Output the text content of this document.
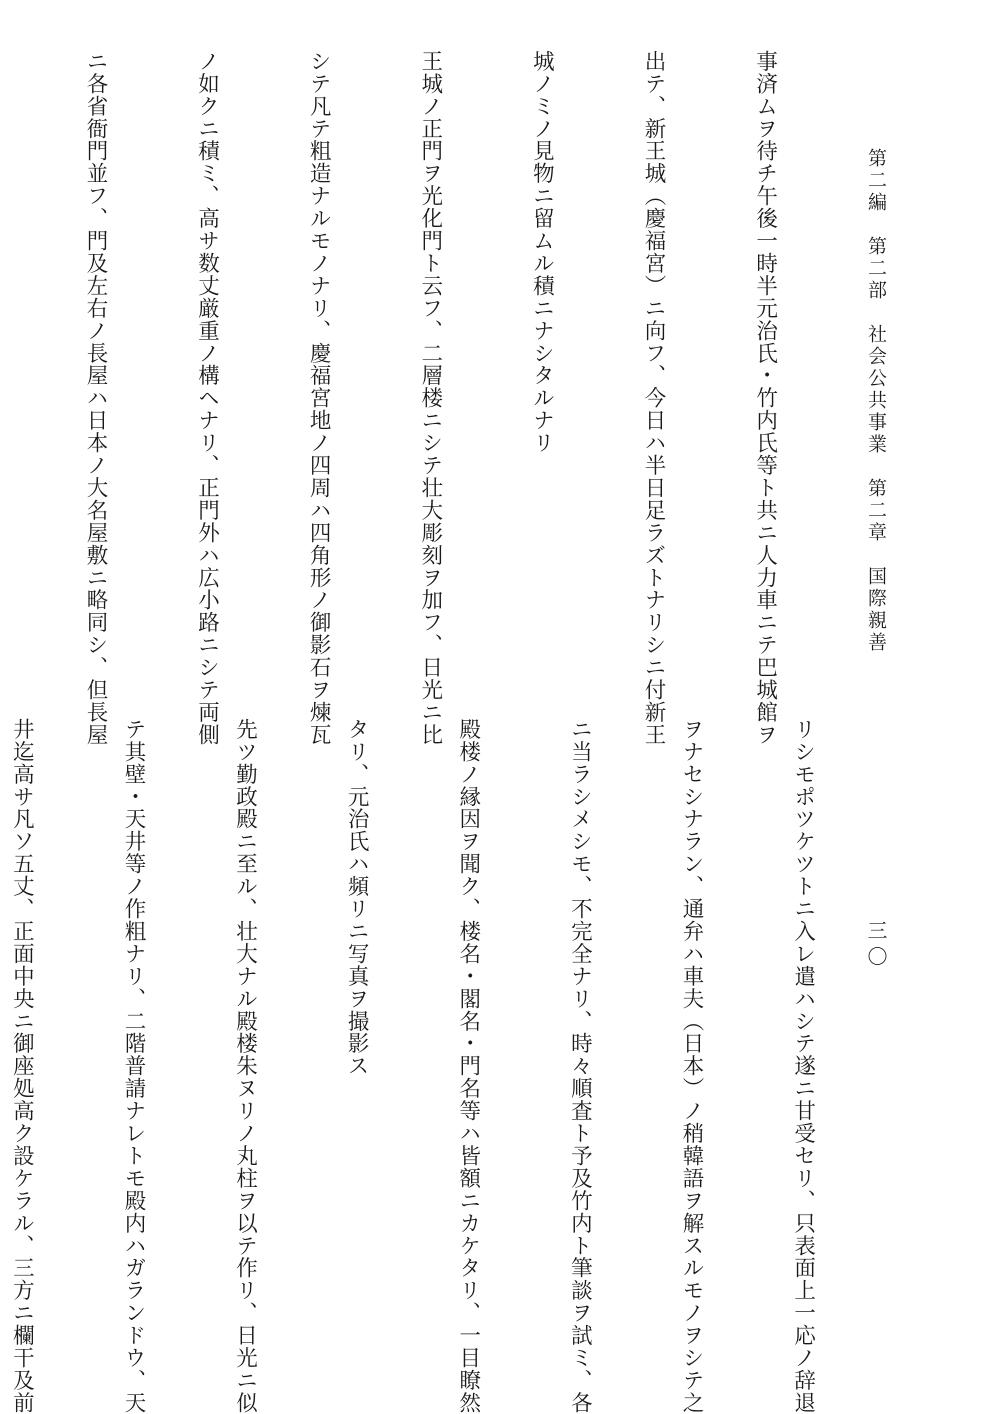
第二編　第二部　社会公共事業　第二章　国際親善
三〇

事済ムヲ待チ午後一時半元治氏・竹内氏等ト共ニ人力車ニテ巴城館ヲ

出テ、新王城（慶福宮）ニ向フ、今日ハ半日足ラズトナリシニ付新王

城ノミノ見物ニ留ムル積ニナシタルナリ

王城ノ正門ヲ光化門ト云フ、二層楼ニシテ壮大彫刻ヲ加フ、日光ニ比

シテ凡テ粗造ナルモノナリ、慶福宮地ノ四周ハ四角形ノ御影石ヲ煉瓦

ノ如クニ積ミ、高サ数丈厳重ノ構ヘナリ、正門外ハ広小路ニシテ両側

ニ各省衙門並フ、門及左右ノ長屋ハ日本ノ大名屋敷ニ略同シ、但長屋

リシモポツケツトニ入レ遣ハシテ遂ニ甘受セリ、只表面上一応ノ辞退

ヲナセシナラン、通弁ハ車夫（日本）ノ稍韓語ヲ解スルモノヲシテ之

ニ当ラシメシモ、不完全ナリ、時々順査ト予及竹内ト筆談ヲ試ミ、各

殿楼ノ縁因ヲ聞ク、楼名・閣名・門名等ハ皆額ニカケタリ、一目瞭然

タリ、元治氏ハ頻リニ写真ヲ撮影ス

先ツ勤政殿ニ至ル、壮大ナル殿楼朱ヌリノ丸柱ヲ以テ作リ、日光ニ似

テ其壁・天井等ノ作粗ナリ、二階普請ナレトモ殿内ハガランドウ、天

井迄高サ凡ソ五丈、正面中央ニ御座処高ク設ケラル、三方ニ欄干及前
